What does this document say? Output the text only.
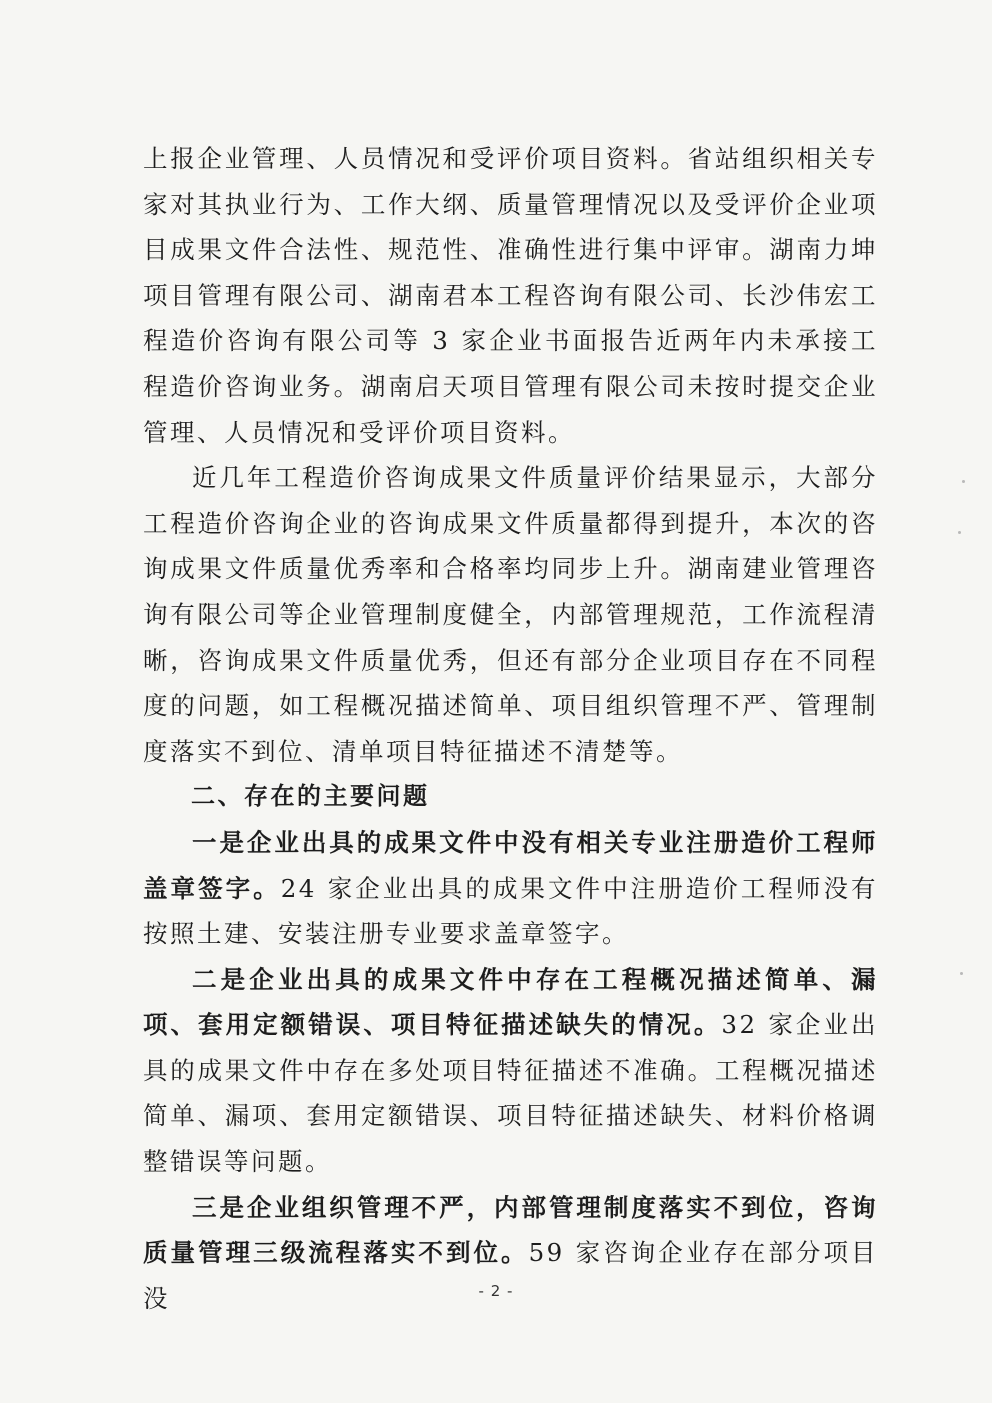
上报企业管理、人员情况和受评价项目资料。省站组织相关专家对其执业行为、工作大纲、质量管理情况以及受评价企业项目成果文件合法性、规范性、准确性进行集中评审。湖南力坤项目管理有限公司、湖南君本工程咨询有限公司、长沙伟宏工程造价咨询有限公司等 3 家企业书面报告近两年内未承接工程造价咨询业务。湖南启天项目管理有限公司未按时提交企业管理、人员情况和受评价项目资料。

近几年工程造价咨询成果文件质量评价结果显示，大部分工程造价咨询企业的咨询成果文件质量都得到提升，本次的咨询成果文件质量优秀率和合格率均同步上升。湖南建业管理咨询有限公司等企业管理制度健全，内部管理规范，工作流程清晰，咨询成果文件质量优秀，但还有部分企业项目存在不同程度的问题，如工程概况描述简单、项目组织管理不严、管理制度落实不到位、清单项目特征描述不清楚等。

二、存在的主要问题

一是企业出具的成果文件中没有相关专业注册造价工程师盖章签字。24 家企业出具的成果文件中注册造价工程师没有按照土建、安装注册专业要求盖章签字。

二是企业出具的成果文件中存在工程概况描述简单、漏项、套用定额错误、项目特征描述缺失的情况。32 家企业出具的成果文件中存在多处项目特征描述不准确。工程概况描述简单、漏项、套用定额错误、项目特征描述缺失、材料价格调整错误等问题。

三是企业组织管理不严，内部管理制度落实不到位，咨询质量管理三级流程落实不到位。59 家咨询企业存在部分项目没	- 2 -
